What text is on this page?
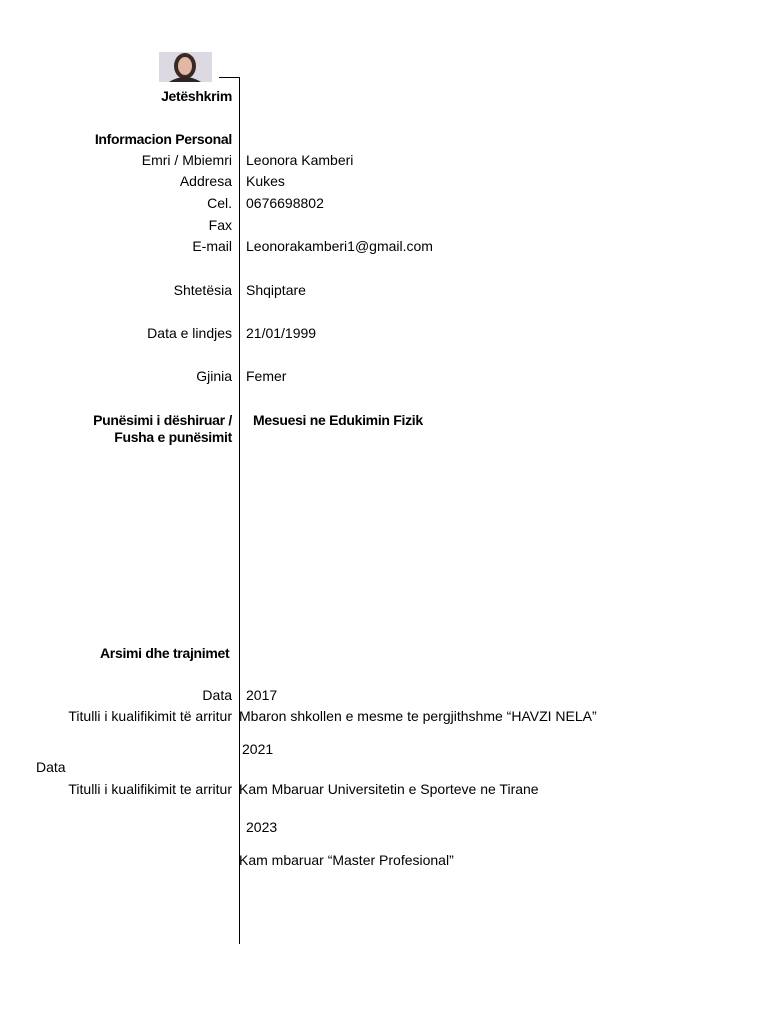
Jetëshkrim
Informacion Personal
Emri / Mbiemri Leonora Kamberi
Addresa Kukes
Cel. 0676698802
Fax
E-mail Leonorakamberi1@gmail.com
Shtetësia Shqiptare
Data e lindjes 21/01/1999
Gjinia Femer
Punësimi i dëshiruar /
Fusha e punësimit
Mesuesi ne Edukimin Fizik
Arsimi dhe trajnimet
Data 2017
Titulli i kualifikimit të arritur Mbaron shkollen e mesme te pergjithshme “HAVZI NELA”
2021
Data
Titulli i kualifikimit te arritur Kam Mbaruar Universitetin e Sporteve ne Tirane
2023
Kam mbaruar “Master Profesional”
